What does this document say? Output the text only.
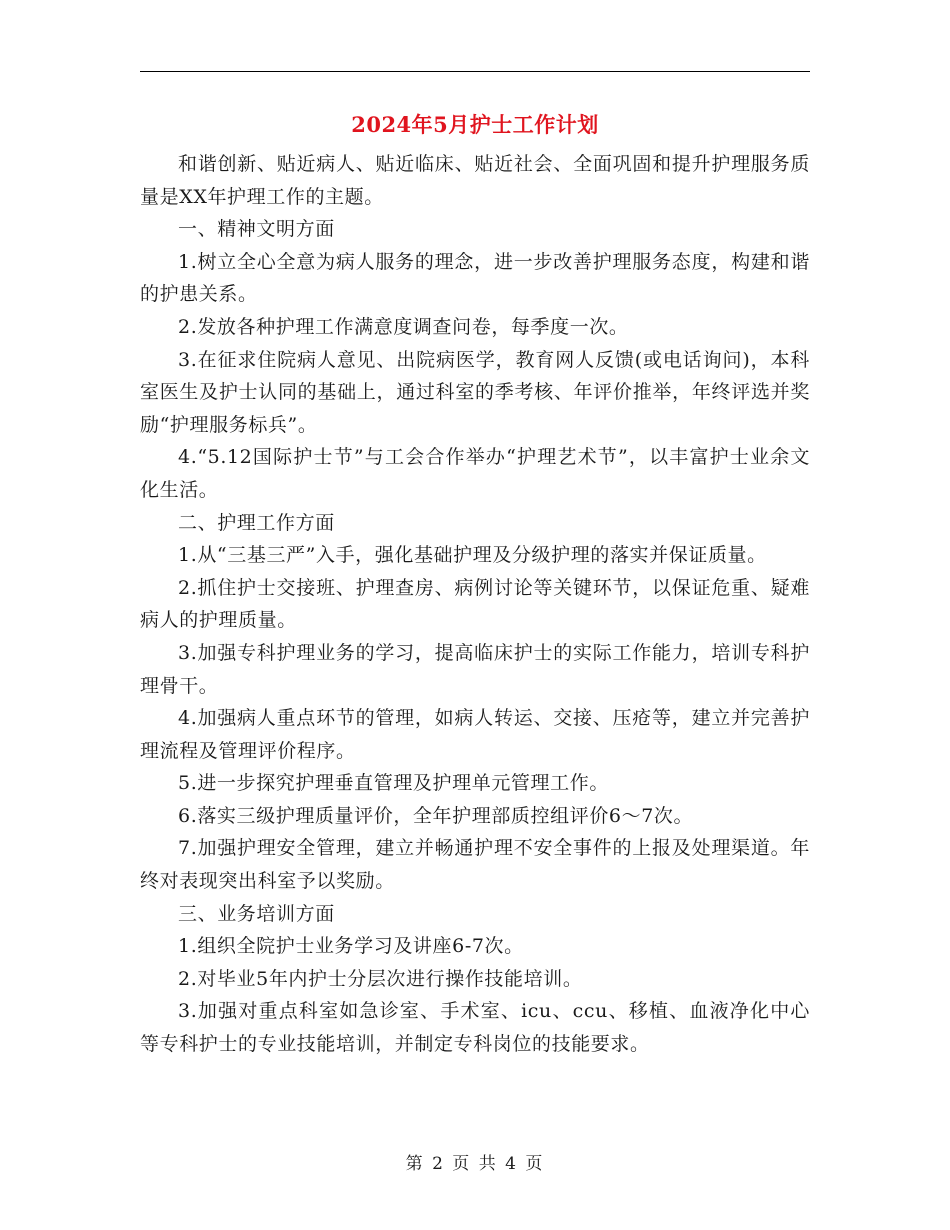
2024年5月护士工作计划

和谐创新、贴近病人、贴近临床、贴近社会、全面巩固和提升护理服务质量是XX年护理工作的主题。

一、精神文明方面

1.树立全心全意为病人服务的理念，进一步改善护理服务态度，构建和谐的护患关系。

2.发放各种护理工作满意度调查问卷，每季度一次。

3.在征求住院病人意见、出院病医学，教育网人反馈(或电话询问)，本科室医生及护士认同的基础上，通过科室的季考核、年评价推举，年终评选并奖励“护理服务标兵”。

4.“5.12国际护士节”与工会合作举办“护理艺术节”，以丰富护士业余文化生活。

二、护理工作方面

1.从“三基三严”入手，强化基础护理及分级护理的落实并保证质量。

2.抓住护士交接班、护理查房、病例讨论等关键环节，以保证危重、疑难病人的护理质量。

3.加强专科护理业务的学习，提高临床护士的实际工作能力，培训专科护理骨干。

4.加强病人重点环节的管理，如病人转运、交接、压疮等，建立并完善护理流程及管理评价程序。

5.进一步探究护理垂直管理及护理单元管理工作。

6.落实三级护理质量评价，全年护理部质控组评价6～7次。

7.加强护理安全管理，建立并畅通护理不安全事件的上报及处理渠道。年终对表现突出科室予以奖励。

三、业务培训方面

1.组织全院护士业务学习及讲座6-7次。

2.对毕业5年内护士分层次进行操作技能培训。

3.加强对重点科室如急诊室、手术室、icu、ccu、移植、血液净化中心等专科护士的专业技能培训，并制定专科岗位的技能要求。

第 2 页 共 4 页
